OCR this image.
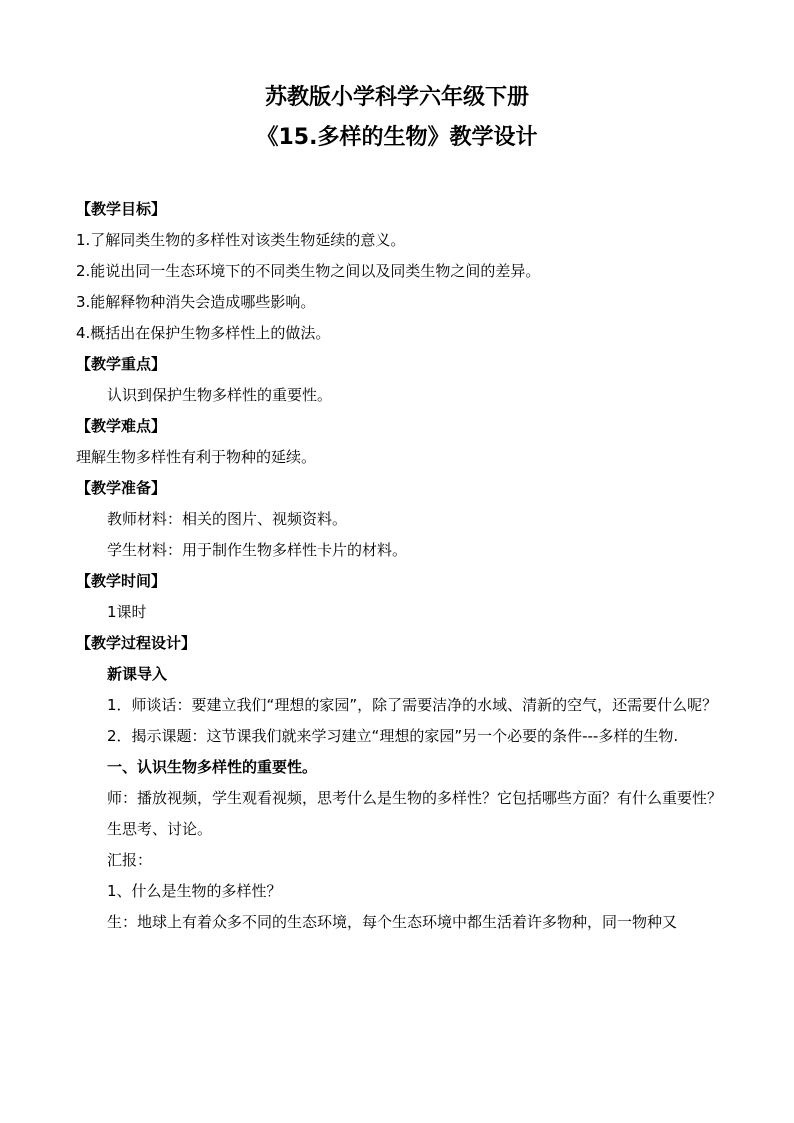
苏教版小学科学六年级下册
《15.多样的生物》教学设计
【教学目标】
1.了解同类生物的多样性对该类生物延续的意义。
2.能说出同一生态环境下的不同类生物之间以及同类生物之间的差异。
3.能解释物种消失会造成哪些影响。
4.概括出在保护生物多样性上的做法。
【教学重点】
认识到保护生物多样性的重要性。
【教学难点】
理解生物多样性有利于物种的延续。
【教学准备】
教师材料：相关的图片、视频资料。
学生材料：用于制作生物多样性卡片的材料。
【教学时间】
1课时
【教学过程设计】
新课导入
1．师谈话：要建立我们“理想的家园”，除了需要洁净的水域、清新的空气，还需要什么呢？
2．揭示课题：这节课我们就来学习建立“理想的家园”另一个必要的条件---多样的生物.
一、认识生物多样性的重要性。
师：播放视频，学生观看视频，思考什么是生物的多样性？它包括哪些方面？有什么重要性？
生思考、讨论。
汇报：
1、什么是生物的多样性？
生：地球上有着众多不同的生态环境，每个生态环境中都生活着许多物种，同一物种又
